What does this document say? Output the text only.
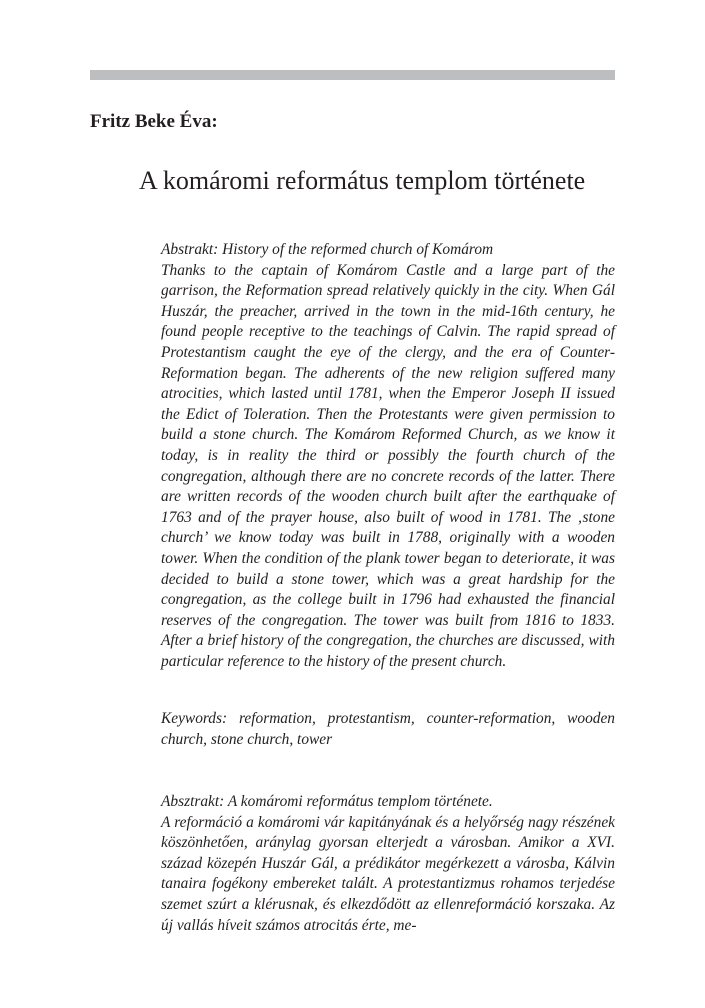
Fritz Beke Éva:
A komáromi református templom története

Abstrakt: History of the reformed church of Komárom

Thanks to the captain of Komárom Castle and a large part of the garrison, the Reformation spread relatively quickly in the city. When Gál Huszár, the preacher, arrived in the town in the mid-16th century, he found people receptive to the teachings of Calvin. The rapid spread of Protestantism caught the eye of the clergy, and the era of Counter-Reformation began. The adherents of the new religion suffered many atrocities, which lasted until 1781, when the Emperor Joseph II issued the Edict of Toleration. Then the Protestants were given permission to build a stone church. The Komárom Reformed Church, as we know it today, is in reality the third or possibly the fourth church of the congregation, although there are no concrete records of the latter. There are written records of the wooden church built after the earthquake of 1763 and of the prayer house, also built of wood in 1781. The ‚stone church’ we know today was built in 1788, originally with a wooden tower. When the condition of the plank tower began to deteriorate, it was decided to build a stone tower, which was a great hardship for the congregation, as the college built in 1796 had exhausted the financial reserves of the congregation. The tower was built from 1816 to 1833. After a brief history of the congregation, the churches are discussed, with particular reference to the history of the present church.

Keywords: reformation, protestantism, counter-reformation, wooden church, stone church, tower

Absztrakt: A komáromi református templom története.

A reformáció a komáromi vár kapitányának és a helyőrség nagy részének köszönhetően, aránylag gyorsan elterjedt a városban. Amikor a XVI. század közepén Huszár Gál, a prédikátor megérkezett a városba, Kálvin tanaira fogékony embereket talált. A protestantizmus rohamos terjedése szemet szúrt a klérusnak, és elkezdődött az ellenreformáció korszaka. Az új vallás híveit számos atrocitás érte, me-
